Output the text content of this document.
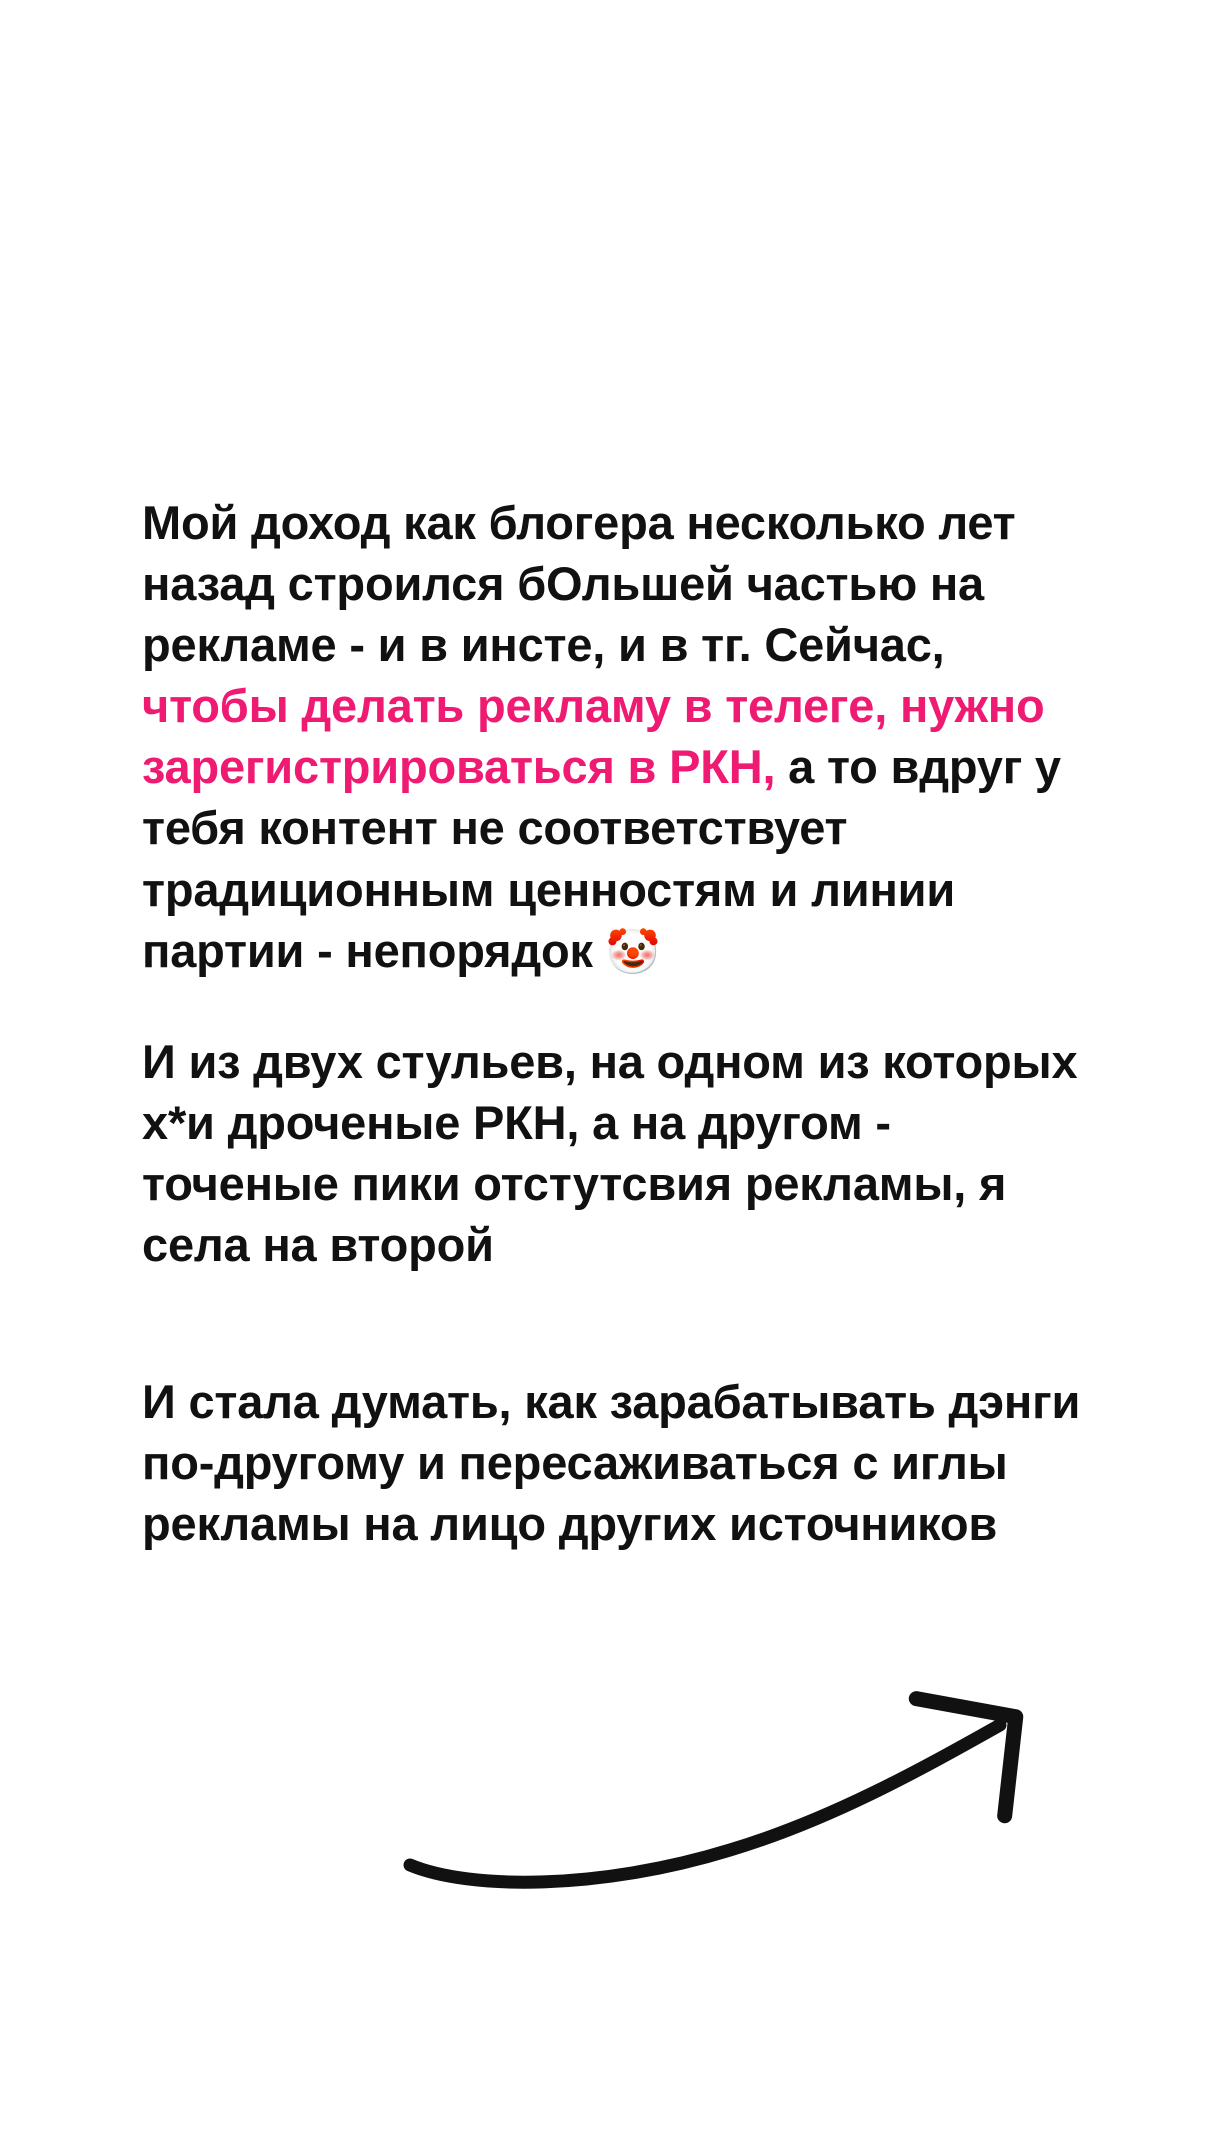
Мой доход как блогера несколько лет назад строился бОльшей частью на рекламе - и в инсте, и в тг. Сейчас, чтобы делать рекламу в телеге, нужно зарегистрироваться в РКН, а то вдруг у тебя контент не соответствует традиционным ценностям и линии партии - непорядок 🤡

И из двух стульев, на одном из которых х*и дроченые РКН, а на другом - точеные пики отстутсвия рекламы, я села на второй

И стала думать, как зарабатывать дэнги по-другому и пересаживаться с иглы рекламы на лицо других источников
